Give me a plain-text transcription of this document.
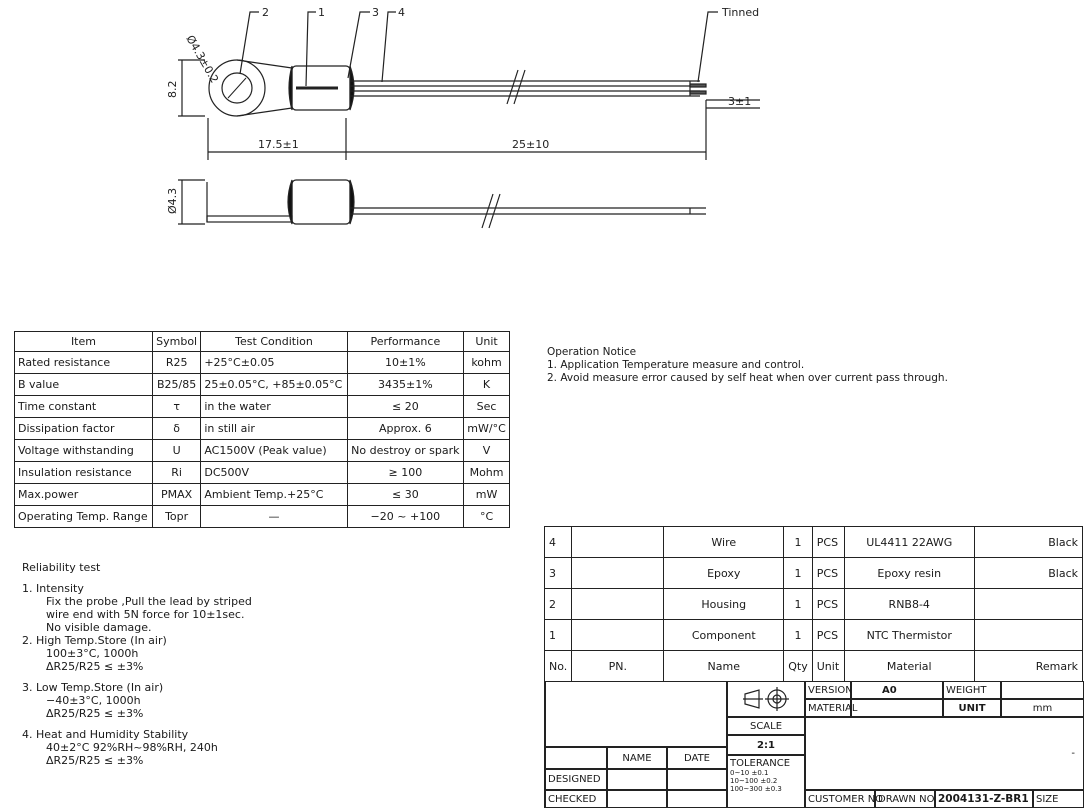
2	1	3 4	Tinned
Ø4.3±0.2
8.2
17.5±1	25±10
3±1
Ø4.3
Item	Symbol	Test Condition	Performance	Unit
Rated resistance	R25	+25°C±0.05	10±1%	kohm
B value	B25/85	25±0.05°C, +85±0.05°C	3435±1%	K
Time constant	τ	in the water	≤ 20	Sec
Dissipation factor	δ	in still air	Approx. 6	mW/°C
Voltage withstanding	U	AC1500V (Peak value)	No destroy or spark	V
Insulation resistance	Ri	DC500V	≥ 100	Mohm
Max.power	PMAX	Ambient Temp.+25°C	≤ 30	mW
Operating Temp. Range	Topr	—	−20 ~ +100	°C
Operation Notice
1. Application Temperature measure and control.
2. Avoid measure error caused by self heat when over current pass through.
Reliability test
1. Intensity
Fix the probe ,Pull the lead by striped
wire end with 5N force for 10±1sec.
No visible damage.
2. High Temp.Store (In air)
100±3°C, 1000h
ΔR25/R25 ≤ ±3%
3. Low Temp.Store (In air)
−40±3°C, 1000h
ΔR25/R25 ≤ ±3%
4. Heat and Humidity Stability
40±2°C 92%RH~98%RH, 240h
ΔR25/R25 ≤ ±3%
4		Wire	1	PCS	UL4411 22AWG	Black
3		Epoxy	1	PCS	Epoxy resin	Black
2		Housing	1	PCS	RNB8-4	
1		Component	1	PCS	NTC Thermistor	
No.	PN.	Name	Qty	Unit	Material	Remark
SCALE
2:1
NAME	DATE	TOLERANCE
0~10 ±0.1
10~100 ±0.2
100~300 ±0.3
DESIGNED
CHECKED
VERSION	A0	WEIGHT
MATERIAL	UNIT	mm
-
CUSTOMER NO
DRAWN NO 2004131-Z-BR1 SIZE
